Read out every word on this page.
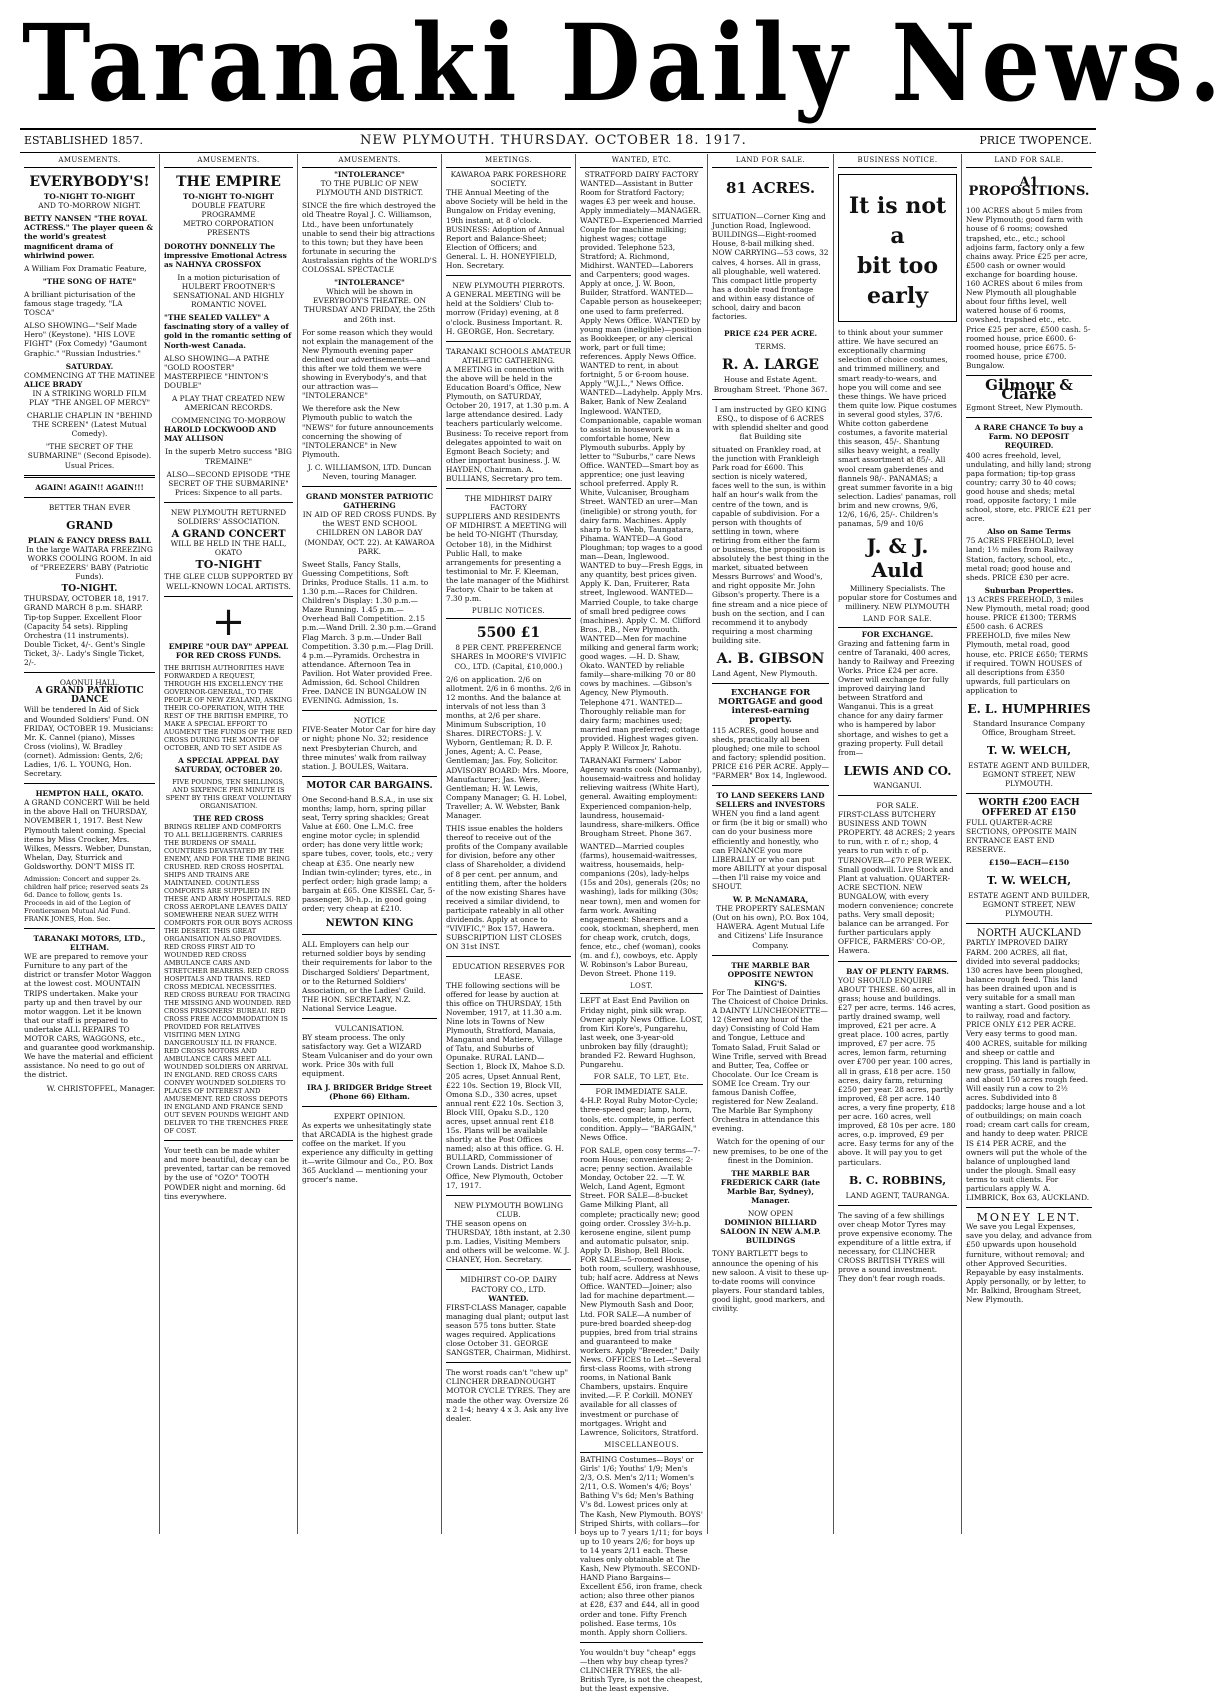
Taranaki Daily News.
ESTABLISHED 1857.	NEW PLYMOUTH. THURSDAY. OCTOBER 18. 1917.	PRICE TWOPENCE.
AMUSEMENTS.
EVERYBODY'S!
TO-NIGHT TO-NIGHT
AND TO-MORROW NIGHT.
BETTY NANSEN "THE ROYAL ACTRESS." The player queen & the world's greatest magnificent drama of whirlwind power.
A William Fox Dramatic Feature,
"THE SONG OF HATE"
A brilliant picturisation of the famous stage tragedy, "LA TOSCA"
ALSO SHOWING—"Self Made Hero" (Keystone). "HIS LOVE FIGHT" (Fox Comedy) "Gaumont Graphic." "Russian Industries."
SATURDAY.
COMMENCING AT THE MATINEE
ALICE BRADY
IN A STRIKING WORLD FILM PLAY "THE ANGEL OF MERCY"
CHARLIE CHAPLIN IN "BEHIND THE SCREEN" (Latest Mutual Comedy).
"THE SECRET OF THE SUBMARINE" (Second Episode). Usual Prices.
AGAIN! AGAIN!! AGAIN!!!
BETTER THAN EVER
GRAND
PLAIN & FANCY DRESS BALL
In the large WAITARA FREEZING WORKS COOLING ROOM. In aid of "FREEZERS' BABY (Patriotic Funds).
TO-NIGHT.
THURSDAY, OCTOBER 18, 1917. GRAND MARCH 8 p.m. SHARP. Tip-top Supper. Excellent Floor (Capacity 54 sets). Rippling Orchestra (11 instruments). Double Ticket, 4/-. Gent's Single Ticket, 3/-. Lady's Single Ticket, 2/-.
OAONUI HALL.
A GRAND PATRIOTIC DANCE
Will be tendered In Aid of Sick and Wounded Soldiers' Fund. ON FRIDAY, OCTOBER 19. Musicians: Mr. K. Cannel (piano), Misses Cross (violins), W. Bradley (cornet). Admission: Gents, 2/6; Ladies, 1/6. L. YOUNG, Hon. Secretary.
HEMPTON HALL, OKATO.
A GRAND CONCERT Will be held in the above Hall on THURSDAY, NOVEMBER 1, 1917. Best New Plymouth talent coming. Special items by Miss Crocker, Mrs. Wilkes, Messrs. Webber, Dunstan, Whelan, Day, Sturrick and Goldsworthy. DON'T MISS IT.
Admission: Concert and supper 2s. children half price; reserved seats 2s 6d. Dance to follow, gents 1s. Proceeds in aid of the Legion of Frontiersmen Mutual Aid Fund. FRANK JONES, Hon. Sec.
TARANAKI MOTORS, LTD., ELTHAM.
WE are prepared to remove your Furniture to any part of the district or transfer Motor Waggon at the lowest cost. MOUNTAIN TRIPS undertaken. Make your party up and then travel by our motor waggon. Let it be known that our staff is prepared to undertake ALL REPAIRS TO MOTOR CARS, WAGGONS, etc., and guarantee good workmanship. We have the material and efficient assistance. No need to go out of the district.
W. CHRISTOFFEL, Manager.
AMUSEMENTS.
THE EMPIRE
TO-NIGHT TO-NIGHT
DOUBLE FEATURE PROGRAMME
METRO CORPORATION PRESENTS
DOROTHY DONNELLY The impressive Emotional Actress as NAHNYA CROSSFOX
In a motion picturisation of HULBERT FROOTNER'S SENSATIONAL AND HIGHLY ROMANTIC NOVEL
"THE SEALED VALLEY" A fascinating story of a valley of gold in the romantic setting of North-west Canada.
ALSO SHOWING—A PATHE "GOLD ROOSTER" MASTERPIECE "HINTON'S DOUBLE"
A PLAY THAT CREATED NEW AMERICAN RECORDS.
COMMENCING TO-MORROW
HAROLD LOCKWOOD AND MAY ALLISON
In the superb Metro success "BIG TREMAINE"
ALSO—SECOND EPISODE "THE SECRET OF THE SUBMARINE" Prices: Sixpence to all parts.
NEW PLYMOUTH RETURNED SOLDIERS' ASSOCIATION.
A GRAND CONCERT
WILL BE HELD IN THE HALL, OKATO
TO-NIGHT
THE GLEE CLUB SUPPORTED BY WELL-KNOWN LOCAL ARTISTS.
+
EMPIRE "OUR DAY" APPEAL FOR RED CROSS FUNDS.
THE BRITISH AUTHORITIES HAVE FORWARDED A REQUEST, THROUGH HIS EXCELLENCY THE GOVERNOR-GENERAL, TO THE PEOPLE OF NEW ZEALAND, ASKING THEIR CO-OPERATION, WITH THE REST OF THE BRITISH EMPIRE, TO MAKE A SPECIAL EFFORT TO AUGMENT THE FUNDS OF THE RED CROSS DURING THE MONTH OF OCTOBER, AND TO SET ASIDE AS
A SPECIAL APPEAL DAY SATURDAY, OCTOBER 20.
FIVE POUNDS, TEN SHILLINGS, AND SIXPENCE PER MINUTE IS SPENT BY THIS GREAT VOLUNTARY ORGANISATION.
THE RED CROSS
BRINGS RELIEF AND COMFORTS TO ALL BELLIGERENTS. CARRIES THE BURDENS OF SMALL COUNTRIES DEVASTATED BY THE ENEMY, AND FOR THE TIME BEING CRUSHED. RED CROSS HOSPITAL SHIPS AND TRAINS ARE MAINTAINED. COUNTLESS COMFORTS ARE SUPPLIED IN THESE AND ARMY HOSPITALS. RED CROSS AEROPLANE LEAVES DAILY SOMEWHERE NEAR SUEZ WITH COMFORTS FOR OUR BOYS ACROSS THE DESERT. THIS GREAT ORGANISATION ALSO PROVIDES. RED CROSS FIRST AID TO WOUNDED RED CROSS AMBULANCE CARS AND STRETCHER BEARERS. RED CROSS HOSPITALS AND TRAINS. RED CROSS MEDICAL NECESSITIES. RED CROSS BUREAU FOR TRACING THE MISSING AND WOUNDED. RED CROSS PRISONERS' BUREAU. RED CROSS FREE ACCOMMODATION IS PROVIDED FOR RELATIVES VISITING MEN LYING DANGEROUSLY ILL IN FRANCE. RED CROSS MOTORS AND AMBULANCE CARS MEET ALL WOUNDED SOLDIERS ON ARRIVAL IN ENGLAND. RED CROSS CARS CONVEY WOUNDED SOLDIERS TO PLACES OF INTEREST AND AMUSEMENT. RED CROSS DEPOTS IN ENGLAND AND FRANCE SEND OUT SEVEN POUNDS WEIGHT AND DELIVER TO THE TRENCHES FREE OF COST.
Your teeth can be made whiter and more beautiful, decay can be prevented, tartar can be removed by the use of "OZO" TOOTH POWDER night and morning. 6d tins everywhere.
AMUSEMENTS.
"INTOLERANCE"
TO THE PUBLIC OF NEW PLYMOUTH AND DISTRICT.
SINCE the fire which destroyed the old Theatre Royal J. C. Williamson, Ltd., have been unfortunately unable to send their big attractions to this town; but they have been fortunate in securing the Australasian rights of the WORLD'S COLOSSAL SPECTACLE
"INTOLERANCE"
Which will be shown in EVERYBODY'S THEATRE. ON THURSDAY AND FRIDAY, the 25th and 26th inst.
For some reason which they would not explain the management of the New Plymouth evening paper declined our advertisements—and this after we told them we were showing in Everybody's, and that our attraction was— "INTOLERANCE"
We therefore ask the New Plymouth public to watch the "NEWS" for future announcements concerning the showing of "INTOLERANCE" in New Plymouth.
J. C. WILLIAMSON, LTD. Duncan Neven, touring Manager.
GRAND MONSTER PATRIOTIC GATHERING
IN AID OF RED CROSS FUNDS. By the WEST END SCHOOL CHILDREN ON LABOR DAY (MONDAY, OCT. 22). At KAWAROA PARK.
Sweet Stalls, Fancy Stalls, Guessing Competitions, Soft Drinks, Produce Stalls. 11 a.m. to 1.30 p.m.—Races for Children. Children's Display: 1.30 p.m.—Maze Running. 1.45 p.m.—Overhead Ball Competition. 2.15 p.m.—Wand Drill. 2.30 p.m.—Grand Flag March. 3 p.m.—Under Ball Competition. 3.30 p.m.—Flag Drill. 4 p.m.—Pyramids. Orchestra in attendance. Afternoon Tea in Pavilion. Hot Water provided Free. Admission, 6d. School Children Free. DANCE IN BUNGALOW IN EVENING. Admission, 1s.
NOTICE
FIVE-Seater Motor Car for hire day or night; phone No. 32; residence next Presbyterian Church, and three minutes' walk from railway station. J. BOULES, Waitara.
MOTOR CAR BARGAINS.
One Second-hand B.S.A., in use six months; lamp, horn, spring pillar seat, Terry spring shackles; Great Value at £60. One L.M.C. free engine motor cycle; in splendid order; has done very little work; spare tubes, cover, tools, etc.; very cheap at £35. One nearly new Indian twin-cylinder; tyres, etc., in perfect order; high grade lamp; a bargain at £65. One KISSEL Car, 5-passenger, 30-h.p., in good going order; very cheap at £210.
NEWTON KING
ALL Employers can help our returned soldier boys by sending their requirements for labor to the Discharged Soldiers' Department, or to the Returned Soldiers' Association, or the Ladies' Guild. THE HON. SECRETARY, N.Z. National Service League.
VULCANISATION.
BY steam process. The only satisfactory way. Get a WIZARD Steam Vulcaniser and do your own work. Price 30s with full equipment.
IRA J. BRIDGER Bridge Street (Phone 66) Eltham.
EXPERT OPINION.
As experts we unhesitatingly state that ARCADIA is the highest grade coffee on the market. If you experience any difficulty in getting it—write Gilmour and Co., P.O. Box 365 Auckland — mentioning your grocer's name.
MEETINGS.
KAWAROA PARK FORESHORE SOCIETY.
THE Annual Meeting of the above Society will be held in the Bungalow on Friday evening, 19th instant, at 8 o'clock. BUSINESS: Adoption of Annual Report and Balance-Sheet; Election of Officers; and General. L. H. HONEYFIELD, Hon. Secretary.
NEW PLYMOUTH PIERROTS.
A GENERAL MEETING will be held at the Soldiers' Club to-morrow (Friday) evening, at 8 o'clock. Business Important. R. H. GEORGE, Hon. Secretary.
TARANAKI SCHOOLS AMATEUR ATHLETIC GATHERING.
A MEETING in connection with the above will be held in the Education Board's Office, New Plymouth, on SATURDAY, October 20, 1917, at 1.30 p.m. A large attendance desired. Lady teachers particularly welcome. Business: To receive report from delegates appointed to wait on Egmont Beach Society; and other important business. J. W. HAYDEN, Chairman. A. BULLIANS, Secretary pro tem.
THE MIDHIRST DAIRY FACTORY
SUPPLIERS AND RESIDENTS OF MIDHIRST. A MEETING will be held TO-NIGHT (Thursday, October 18), in the Midhirst Public Hall, to make arrangements for presenting a testimonial to Mr. F. Kleeman, the late manager of the Midhirst Factory. Chair to be taken at 7.30 p.m.
PUBLIC NOTICES.
5500 £1
8 PER CENT. PREFERENCE SHARES In MOORE'S VIVIFIC CO., LTD. (Capital, £10,000.)
2/6 on application. 2/6 on allotment. 2/6 in 6 months. 2/6 in 12 months. And the balance at intervals of not less than 3 months, at 2/6 per share. Minimum Subscription, 10 Shares. DIRECTORS: J. V. Wyborn, Gentleman; R. D. F. Jones, Agent; A. C. Pease, Gentleman; Jas. Foy, Solicitor. ADVISORY BOARD: Mrs. Moore, Manufacturer; Jas. Were, Gentleman; H. W. Lewis, Company Manager; G. H. Lobel, Traveller; A. W. Webster, Bank Manager.
THIS issue enables the holders thereof to receive out of the profits of the Company available for division, before any other class of Shareholder, a dividend of 8 per cent. per annum, and entitling them, after the holders of the now existing Shares have received a similar dividend, to participate rateably in all other dividends. Apply at once to "VIVIFIC," Box 157, Hawera. SUBSCRIPTION LIST CLOSES ON 31st INST.
EDUCATION RESERVES FOR LEASE.
THE following sections will be offered for lease by auction at this office on THURSDAY, 15th November, 1917, at 11.30 a.m. Nine lots in Towns of New Plymouth, Stratford, Manaia, Manganui and Matiere, Village of Tatu, and Suburbs of Opunake. RURAL LAND—Section 1, Block IX, Mahoe S.D. 205 acres, Upset Annual Rent, £22 10s. Section 19, Block VII, Omona S.D., 330 acres, upset annual rent £22 10s. Section 3, Block VIII, Opaku S.D., 120 acres, upset annual rent £18 15s. Plans will be available shortly at the Post Offices named; also at this office. G. H. BULLARD, Commissioner of Crown Lands. District Lands Office, New Plymouth, October 17, 1917.
NEW PLYMOUTH BOWLING CLUB.
THE season opens on THURSDAY, 18th instant, at 2.30 p.m. Ladies, Visiting Members and others will be welcome. W. J. CHANEY, Hon. Secretary.
MIDHIRST CO-OP. DAIRY FACTORY CO., LTD.
WANTED.
FIRST-CLASS Manager, capable managing dual plant; output last season 575 tons butter. State wages required. Applications close October 31. GEORGE SANGSTER, Chairman, Midhirst.
The worst roads can't "chew up" CLINCHER DREADNOUGHT MOTOR CYCLE TYRES. They are made the other way. Oversize 26 x 2 1-4; heavy 4 x 3. Ask any live dealer.
WANTED, ETC.
STRATFORD DAIRY FACTORY
WANTED—Assistant in Butter Room for Stratford Factory; wages £3 per week and house. Apply immediately—MANAGER. WANTED—Experienced Married Couple for machine milking; highest wages; cottage provided. Telephone 523, Stratford; A. Richmond, Midhirst. WANTED—Laborers and Carpenters; good wages. Apply at once, J. W. Boon, Builder, Stratford. WANTED—Capable person as housekeeper; one used to farm preferred. Apply News Office. WANTED by young man (ineligible)—position as Bookkeeper, or any clerical work, part or full time; references. Apply News Office. WANTED to rent, in about fortnight, 5 or 6-room house. Apply "W.J.L.," News Office. WANTED—Ladyhelp. Apply Mrs. Baker, Bank of New Zealand Inglewood. WANTED, Companionable, capable woman to assist in housework in a comfortable home, New Plymouth suburbs. Apply by letter to "Suburbs," care News Office. WANTED—Smart boy as apprentice; one just leaving school preferred. Apply R. White, Vulcaniser, Brougham Street. WANTED an urer—Man (ineligible) or strong youth, for dairy farm. Machines. Apply sharp to S. Webb, Taungatara, Pihama. WANTED—A Good Ploughman; top wages to a good man—Dean, Inglewood. WANTED to buy—Fresh Eggs, in any quantity, best prices given. Apply K. Dan, Fruiterer, Rata street, Inglewood. WANTED—Married Couple, to take charge of small bred pedigree cows (machines). Apply C. M. Clifford Bros., P.B., New Plymouth. WANTED—Men for machine milking and general farm work; good wages. —H. D. Shaw, Okato. WANTED by reliable family—share-milking 70 or 80 cows by machines. —Gibson's Agency, New Plymouth. Telephone 471. WANTED—Thoroughly reliable man for dairy farm; machines used; married man preferred; cottage provided. Highest wages given. Apply P. Willcox Jr, Rahotu.
TARANAKI Farmers' Labor Agency wants cook (Normanby), housemaid-waitress and holiday relieving waitress (White Hart), general. Awaiting employment: Experienced companion-help, laundress, housemaid-laundress, share-milkers. Office Brougham Street. Phone 367.
WANTED—Married couples (farms), housemaid-waitresses, waitress, housemaids, help-companions (20s), lady-helps (15s and 20s), generals (20s; no washing), lads for milking (30s; near town), men and women for farm work. Awaiting engagement: Shearers and a cook, stockman, shepherd, men for cheap work, crutch, dogs, fence, etc., chef (woman), cooks (m. and f.), cowboys, etc. Apply W. Robinson's Labor Bureau, Devon Street. Phone 119.
LOST.
LEFT at East End Pavilion on Friday night, pink silk wrap. Owner apply News Office. LOST, from Kiri Kore's, Pungarehu, last week, one 3-year-old unbroken bay filly (draught); branded F2. Reward Hughson, Pungarehu.
FOR SALE, TO LET, Etc.
FOR IMMEDIATE SALE.
4-H.P. Royal Ruby Motor-Cycle; three-speed gear; lamp, horn, tools, etc. complete, in perfect condition. Apply— "BARGAIN," News Office.
FOR SALE, open cosy terms—7-room House; conveniences; 2-acre; penny section. Available Monday, October 22. —T. W. Welch, Land Agent, Egmont Street. FOR SALE—8-bucket Game Milking Plant, all complete; practically new; good going order. Crossley 3½-h.p. kerosene engine, silent pump and automatic pulsator, snip. Apply D. Bishop, Bell Block. FOR SALE—5-roomed House, both room, scullery, washhouse, tub; half acre. Address at News Office. WANTED—Joiner; also lad for machine department.—New Plymouth Sash and Door, Ltd. FOR SALE—A number of pure-bred boarded sheep-dog puppies, bred from trial strains and guaranteed to make workers. Apply "Breeder," Daily News. OFFICES to Let—Several first-class Rooms, with strong rooms, in National Bank Chambers, upstairs. Enquire invited.—F. P. Corkill. MONEY available for all classes of investment or purchase of mortgages. Wright and Lawrence, Solicitors, Stratford.
MISCELLANEOUS.
BATHING Costumes—Boys' or Girls' 1/6; Youths' 1/9; Men's 2/3, O.S. Men's 2/11; Women's 2/11, O.S. Women's 4/6; Boys' Bathing V's 6d; Men's Bathing V's 8d. Lowest prices only at The Kash, New Plymouth. BOYS' Striped Shirts, with collars—for boys up to 7 years 1/11; for boys up to 10 years 2/6; for boys up to 14 years 2/11 each. These values only obtainable at The Kash, New Plymouth. SECOND-HAND Piano Bargains—Excellent £56, iron frame, check action; also three other pianos at £28, £37 and £44, all in good order and tone. Fifty French polished. Ease terms, 10s month. Apply shorn Colliers.
You wouldn't buy "cheap" eggs—then why buy cheap tyres? CLINCHER TYRES, the all-British Tyre, is not the cheapest, but the least expensive.
LAND FOR SALE.
81 ACRES.
SITUATION—Corner King and Junction Road, Inglewood. BUILDINGS—Eight-roomed House, 8-bail milking shed. NOW CARRYING—53 cows, 32 calves, 4 horses. All in grass, all ploughable, well watered. This compact little property has a double road frontage and within easy distance of school, dairy and bacon factories.
PRICE £24 PER ACRE.
TERMS.
R. A. LARGE
House and Estate Agent. Brougham Street. 'Phone 367.
I am instructed by GEO KING ESQ., to dispose of 6 ACRES with splendid shelter and good flat Building site
situated on Frankley road, at the junction with Frankleigh Park road for £600. This section is nicely watered, faces well to the sun, is within half an hour's walk from the centre of the town, and is capable of subdivision. For a person with thoughts of settling in town, where retiring from either the farm or business, the proposition is absolutely the best thing in the market, situated between Messrs Burrows' and Wood's, and right opposite Mr. John Gibson's property. There is a fine stream and a nice piece of bush on the section, and I can recommend it to anybody requiring a most charming building site.
A. B. GIBSON
Land Agent, New Plymouth.
EXCHANGE FOR MORTGAGE and good interest-earning property.
115 ACRES, good house and sheds, practically all been ploughed; one mile to school and factory; splendid position. PRICE £16 PER ACRE. Apply— "FARMER" Box 14, Inglewood.
TO LAND SEEKERS LAND SELLERS and INVESTORS
WHEN you find a land agent or firm (be it big or small) who can do your business more efficiently and honestly, who can FINANCE you more LIBERALLY or who can put more ABILITY at your disposal—then I'll raise my voice and SHOUT.
W. P. McNAMARA,
THE PROPERTY SALESMAN (Out on his own), P.O. Box 104, HAWERA. Agent Mutual Life and Citizens' Life Insurance Company.
THE MARBLE BAR OPPOSITE NEWTON KING'S.
For The Daintiest of Dainties The Choicest of Choice Drinks. A DAINTY LUNCHEONETTE—12 (Served any hour of the day) Consisting of Cold Ham and Tongue, Lettuce and Tomato Salad, Fruit Salad or Wine Trifle, served with Bread and Butter, Tea, Coffee or Chocolate. Our Ice Cream is SOME Ice Cream. Try our famous Danish Coffee, registered for New Zealand. The Marble Bar Symphony Orchestra in attendance this evening.
Watch for the opening of our new premises, to be one of the finest in the Dominion.
THE MARBLE BAR FREDERICK CARR (late Marble Bar, Sydney), Manager.
NOW OPEN
DOMINION BILLIARD SALOON IN NEW A.M.P. BUILDINGS
TONY BARTLETT begs to announce the opening of his new saloon. A visit to these up-to-date rooms will convince players. Four standard tables, good light, good markers, and civility.
BUSINESS NOTICE.
It is not a
bit too early
to think about your summer attire. We have secured an exceptionally charming selection of choice costumes, and trimmed millinery, and smart ready-to-wears, and hope you will come and see these things. We have priced them quite low. Pique costumes in several good styles, 37/6. White cotton gaberdene costumes, a favorite material this season, 45/-. Shantung silks heavy weight, a really smart assortment at 85/-. All wool cream gaberdenes and flannels 98/-. PANAMAS; a great summer favorite in a big selection. Ladies' panamas, roll brim and new crowns, 9/6, 12/6, 16/6, 25/-. Children's panamas, 5/9 and 10/6
J. & J. Auld
Millinery Specialists. The popular store for Costumes and millinery. NEW PLYMOUTH
LAND FOR SALE.
FOR EXCHANGE.
Grazing and fattening farm in centre of Taranaki, 400 acres, handy to Railway and Freezing Works. Price £24 per acre. Owner will exchange for fully improved dairying land between Stratford and Wanganui. This is a great chance for any dairy farmer who is hampered by labor shortage, and wishes to get a grazing property. Full detail from—
LEWIS AND CO.
WANGANUI.
FOR SALE.
FIRST-CLASS BUTCHERY BUSINESS AND TOWN PROPERTY. 48 ACRES; 2 years to run, with r. of r.; shop, 4 years to run with r. of p. TURNOVER—£70 PER WEEK. Small goodwill. Live Stock and Plant at valuation. QUARTER-ACRE SECTION. NEW BUNGALOW, with every modern convenience; concrete paths. Very small deposit; balance can be arranged. For further particulars apply OFFICE, FARMERS' CO-OP., Hawera.
BAY OF PLENTY FARMS.
YOU SHOULD ENQUIRE ABOUT THESE. 60 acres, all in grass; house and buildings. £27 per acre, terms. 146 acres, partly drained swamp, well improved, £21 per acre. A great place. 100 acres, partly improved, £7 per acre. 75 acres, lemon farm, returning over £700 per year. 100 acres, all in grass, £18 per acre. 150 acres, dairy farm, returning £250 per year. 28 acres, partly improved, £8 per acre. 140 acres, a very fine property, £18 per acre. 160 acres, well improved, £8 10s per acre. 180 acres, o.p. improved, £9 per acre. Easy terms for any of the above. It will pay you to get particulars.
B. C. ROBBINS,
LAND AGENT, TAURANGA.
The saving of a few shillings over cheap Motor Tyres may prove expensive economy. The expenditure of a little extra, if necessary, for CLINCHER CROSS BRITISH TYRES will prove a sound investment. They don't fear rough roads.
LAND FOR SALE.
A1 PROPOSITIONS.
100 ACRES about 5 miles from New Plymouth; good farm with house of 6 rooms; cowshed trapshed, etc., etc.; school adjoins farm, factory only a few chains away. Price £25 per acre, £500 cash or owner would exchange for boarding house. 160 ACRES about 6 miles from New Plymouth all ploughable about four fifths level, well watered house of 6 rooms, cowshed, trapshed etc., etc. Price £25 per acre, £500 cash. 5-roomed house, price £600. 6-roomed house, price £675. 5-roomed house, price £700. Bungalow.
Gilmour & Clarke
Egmont Street, New Plymouth.
A RARE CHANCE To buy a Farm. NO DEPOSIT REQUIRED.
400 acres freehold, level, undulating, and hilly land; strong papa formation; tip-top grass country; carry 30 to 40 cows; good house and sheds; metal road, opposite factory; 1 mile school, store, etc. PRICE £21 per acre.
Also on Same Terms
75 ACRES FREEHOLD, level land; 1½ miles from Railway Station, factory, school, etc., metal road; good house and sheds. PRICE £30 per acre.
Suburban Properties.
13 ACRES FREEHOLD, 3 miles New Plymouth, metal road; good house. PRICE £1300; TERMS £500 cash. 6 ACRES FREEHOLD, five miles New Plymouth, metal road, good house, etc. PRICE £650; TERMS if required. TOWN HOUSES of all descriptions from £350 upwards, full particulars on application to
E. L. HUMPHRIES
Standard Insurance Company Office, Brougham Street.
T. W. WELCH,
ESTATE AGENT AND BUILDER, EGMONT STREET, NEW PLYMOUTH.
WORTH £200 EACH OFFERED AT £150
FULL QUARTER-ACRE SECTIONS, OPPOSITE MAIN ENTRANCE EAST END RESERVE.
£150—EACH—£150
T. W. WELCH,
ESTATE AGENT AND BUILDER, EGMONT STREET, NEW PLYMOUTH.
NORTH AUCKLAND
PARTLY IMPROVED DAIRY FARM. 200 ACRES, all flat, divided into several paddocks; 130 acres have been ploughed, balance rough feed. This land has been drained upon and is very suitable for a small man wanting a start. Good position as to railway, road and factory. PRICE ONLY £12 PER ACRE. Very easy terms to good man. 400 ACRES, suitable for milking and sheep or cattle and cropping. This land is partially in new grass, partially in fallow, and about 150 acres rough feed. Will easily run a cow to 2½ acres. Subdivided into 8 paddocks; large house and a lot of outbuildings; on main coach road; cream cart calls for cream, and handy to deep water. PRICE IS £14 PER ACRE, and the owners will put the whole of the balance of unploughed land under the plough. Small easy terms to suit clients. For particulars apply W. A. LIMBRICK, Box 63, AUCKLAND.
MONEY LENT.
We save you Legal Expenses, save you delay, and advance from £50 upwards upon household furniture, without removal; and other Approved Securities. Repayable by easy instalments. Apply personally, or by letter, to Mr. Balkind, Brougham Street, New Plymouth.
